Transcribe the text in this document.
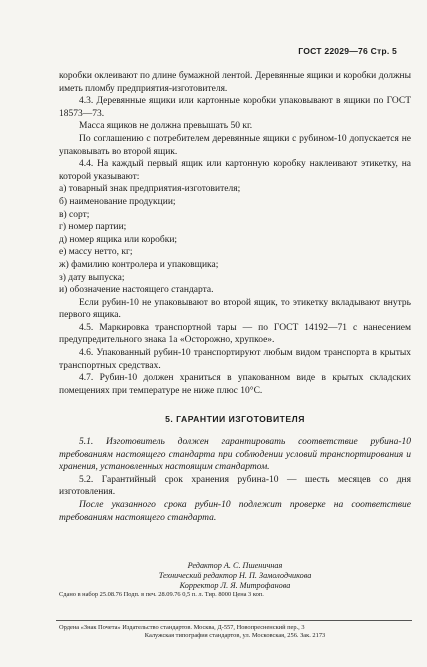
ГОСТ 22029—76 Стр. 5

коробки оклеивают по длине бумажной лентой. Деревянные ящики и коробки должны иметь пломбу предприятия-изготовителя.

4.3. Деревянные ящики или картонные коробки упаковывают в ящики по ГОСТ 18573—73.

Масса ящиков не должна превышать 50 кг.

По соглашению с потребителем деревянные ящики с рубином-10 допускается не упаковывать во второй ящик.

4.4. На каждый первый ящик или картонную коробку наклеивают этикетку, на которой указывают:

а) товарный знак предприятия-изготовителя;

б) наименование продукции;

в) сорт;

г) номер партии;

д) номер ящика или коробки;

е) массу нетто, кг;

ж) фамилию контролера и упаковщика;

з) дату выпуска;

и) обозначение настоящего стандарта.

Если рубин-10 не упаковывают во второй ящик, то этикетку вкладывают внутрь первого ящика.

4.5. Маркировка транспортной тары — по ГОСТ 14192—71 с нанесением предупредительного знака 1а «Осторожно, хрупкое».

4.6. Упакованный рубин-10 транспортируют любым видом транспорта в крытых транспортных средствах.

4.7. Рубин-10 должен храниться в упакованном виде в крытых складских помещениях при температуре не ниже плюс 10°С.

5. ГАРАНТИИ ИЗГОТОВИТЕЛЯ

5.1. Изготовитель должен гарантировать соответствие рубина-10 требованиям настоящего стандарта при соблюдении условий транспортирования и хранения, установленных настоящим стандартом.

5.2. Гарантийный срок хранения рубина-10 — шесть месяцев со дня изготовления.

После указанного срока рубин-10 подлежит проверке на соответствие требованиям настоящего стандарта.

Редактор А. С. Пшеничная
Технический редактор Н. П. Замолодчикова
Корректор Л. Я. Митрофанова
Сдано в набор 25.08.76 Подп. в печ. 28.09.76 0,5 п. л. Тир. 8000 Цена 3 коп.
Ордена «Знак Почета» Издательство стандартов. Москва, Д-557, Новопресненский пер., 3
Калужская типография стандартов, ул. Московская, 256. Зак. 2173
